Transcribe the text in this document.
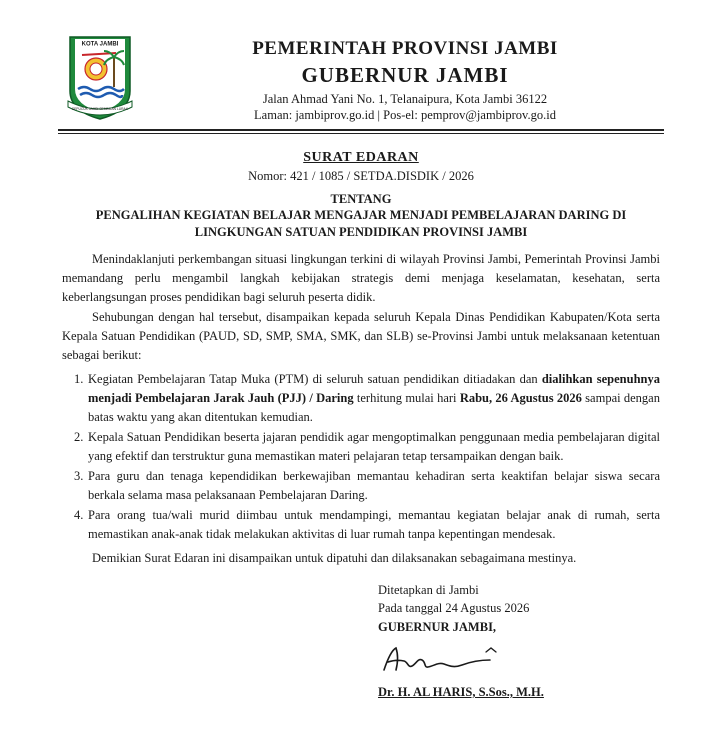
KOTA JAMBI
SEPUCUK JAMBI SEMBILAN LURAH
PEMERINTAH PROVINSI JAMBI
GUBERNUR JAMBI
Jalan Ahmad Yani No. 1, Telanaipura, Kota Jambi 36122
Laman: jambiprov.go.id | Pos-el: pemprov@jambiprov.go.id
SURAT EDARAN
Nomor: 421 / 1085 / SETDA.DISDIK / 2026
TENTANG
PENGALIHAN KEGIATAN BELAJAR MENGAJAR MENJADI PEMBELAJARAN DARING DI
LINGKUNGAN SATUAN PENDIDIKAN PROVINSI JAMBI

Menindaklanjuti perkembangan situasi lingkungan terkini di wilayah Provinsi Jambi, Pemerintah Provinsi Jambi memandang perlu mengambil langkah kebijakan strategis demi menjaga keselamatan, kesehatan, serta keberlangsungan proses pendidikan bagi seluruh peserta didik.

Sehubungan dengan hal tersebut, disampaikan kepada seluruh Kepala Dinas Pendidikan Kabupaten/Kota serta Kepala Satuan Pendidikan (PAUD, SD, SMP, SMA, SMK, dan SLB) se-Provinsi Jambi untuk melaksanaan ketentuan sebagai berikut:

1. Kegiatan Pembelajaran Tatap Muka (PTM) di seluruh satuan pendidikan ditiadakan dan dialihkan sepenuhnya menjadi Pembelajaran Jarak Jauh (PJJ) / Daring terhitung mulai hari Rabu, 26 Agustus 2026 sampai dengan batas waktu yang akan ditentukan kemudian.
2. Kepala Satuan Pendidikan beserta jajaran pendidik agar mengoptimalkan penggunaan media pembelajaran digital yang efektif dan terstruktur guna memastikan materi pelajaran tetap tersampaikan dengan baik.
3. Para guru dan tenaga kependidikan berkewajiban memantau kehadiran serta keaktifan belajar siswa secara berkala selama masa pelaksanaan Pembelajaran Daring.
4. Para orang tua/wali murid diimbau untuk mendampingi, memantau kegiatan belajar anak di rumah, serta memastikan anak-anak tidak melakukan aktivitas di luar rumah tanpa kepentingan mendesak.
Demikian Surat Edaran ini disampaikan untuk dipatuhi dan dilaksanakan sebagaimana mestinya.
Ditetapkan di Jambi
Pada tanggal 24 Agustus 2026
GUBERNUR JAMBI,
Dr. H. AL HARIS, S.Sos., M.H.
